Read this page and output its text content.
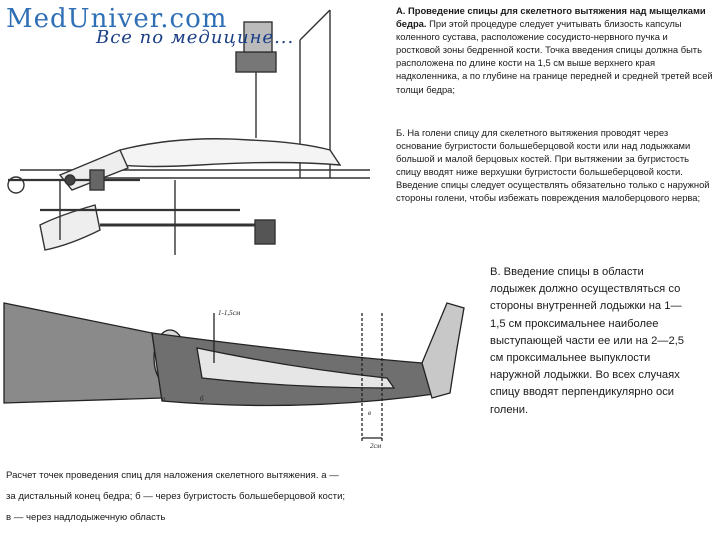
MedUniver.com
Все по медицине...
А. Проведение спицы для скелетного вытяжения над мыщелками бедра. При этой процедуре следует учитывать близость капсулы коленного сустава, расположение сосудисто-нервного пучка и ростковой зоны бедренной кости. Точка введения спицы должна быть расположена по длине кости на 1,5 см выше верхнего края надколенника, а по глубине на границе передней и средней третей всей толщи бедра;
Б. На голени спицу для скелетного вытяжения проводят через основание бугристости большеберцовой кости или над лодыжками большой и малой берцовых костей. При вытяжении за бугристость спицу вводят ниже верхушки бугристости большеберцовой кости. Введение спицы следует осуществлять обязательно только с наружной стороны голени, чтобы избежать повреждения малоберцового нерва;
1-1,5см
2см
а	б
в
В. Введение спицы в области лодыжек должно осуществляться со стороны внутренней лодыжки на 1—1,5 см проксимальнее наиболее выступающей части ее или на 2—2,5 см проксимальнее выпуклости наружной лодыжки. Во всех случаях спицу вводят перпендикулярно оси голени.

Расчет точек проведения спиц для наложения скелетного вытяжения. а —

за дистальный конец бедра; б — через бугристость большеберцовой кости;

в — через надлодыжечную область
